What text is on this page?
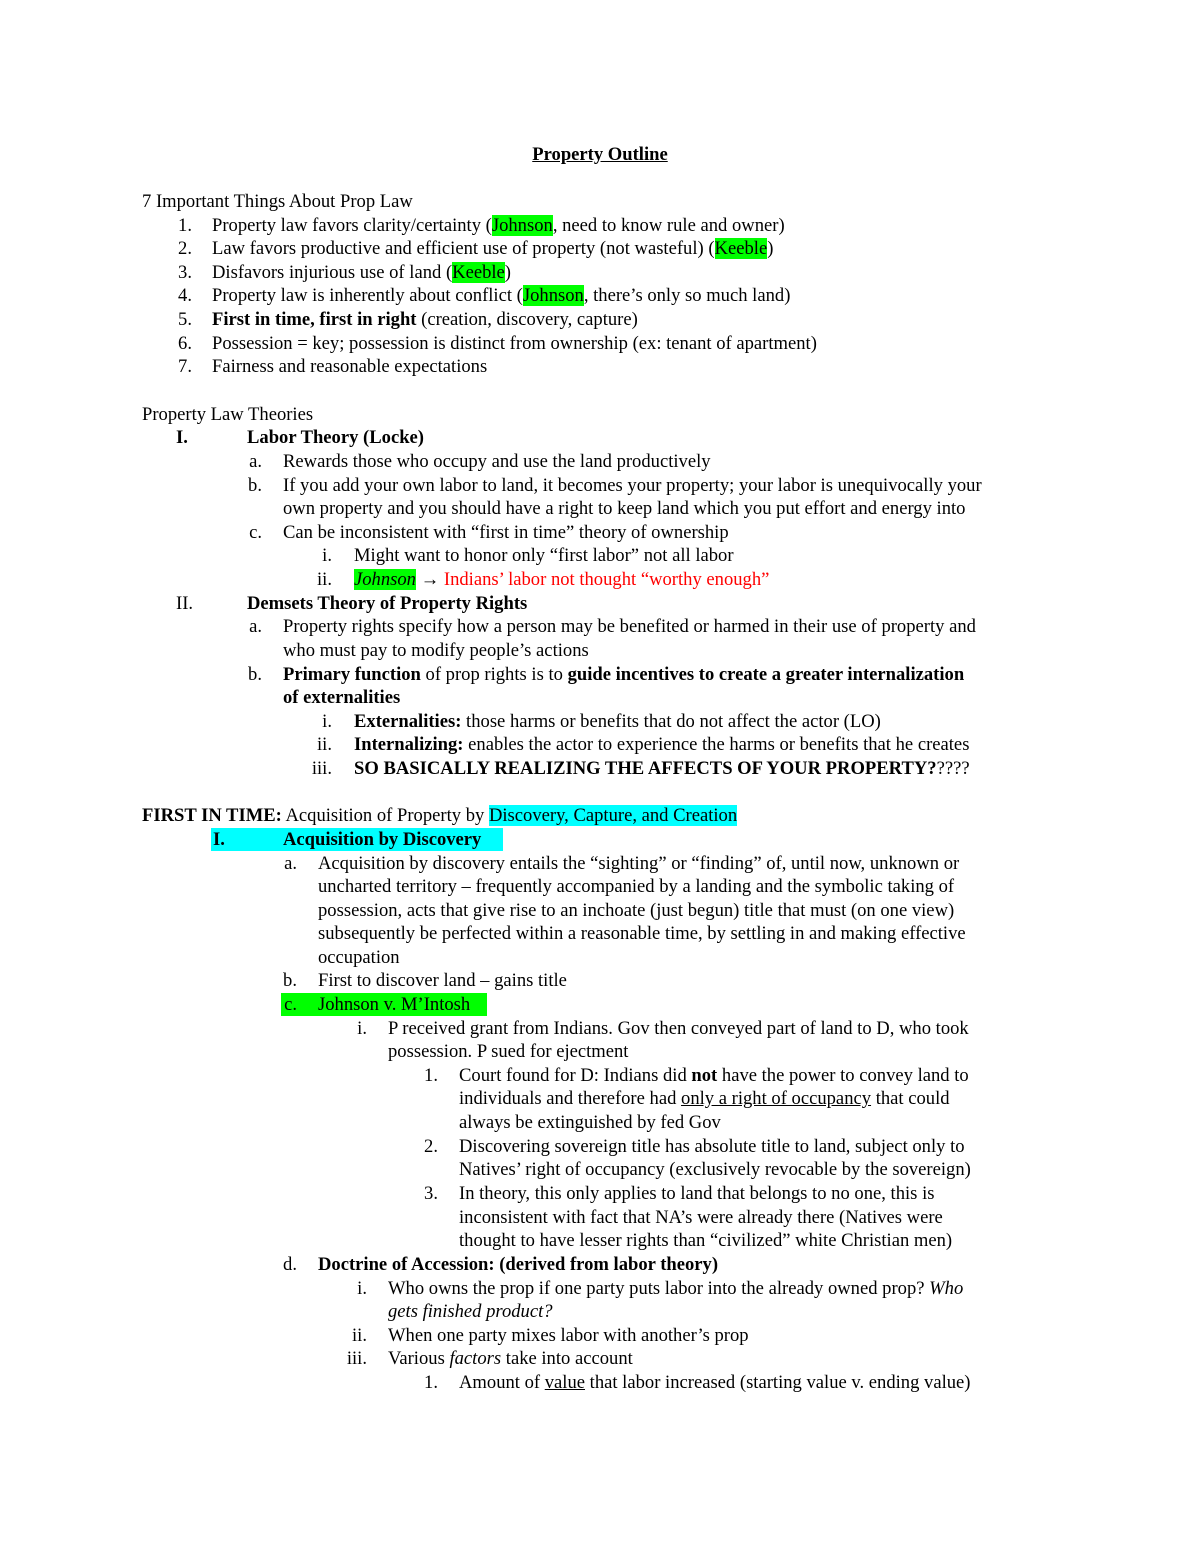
Property Outline
7 Important Things About Prop Law
1. Property law favors clarity/certainty (Johnson, need to know rule and owner)
2. Law favors productive and efficient use of property (not wasteful) (Keeble)
3. Disfavors injurious use of land (Keeble)
4. Property law is inherently about conflict (Johnson, there’s only so much land)
5. First in time, first in right (creation, discovery, capture)
6. Possession = key; possession is distinct from ownership (ex: tenant of apartment)
7. Fairness and reasonable expectations
Property Law Theories
I.	Labor Theory (Locke)
a. Rewards those who occupy and use the land productively
b. If you add your own labor to land, it becomes your property; your labor is unequivocally your
own property and you should have a right to keep land which you put effort and energy into
c. Can be inconsistent with “first in time” theory of ownership
i. Might want to honor only “first labor” not all labor
ii. Johnson → Indians’ labor not thought “worthy enough”
II.	Demsets Theory of Property Rights
a. Property rights specify how a person may be benefited or harmed in their use of property and
who must pay to modify people’s actions
b. Primary function of prop rights is to guide incentives to create a greater internalization
of externalities
i. Externalities: those harms or benefits that do not affect the actor (LO)
ii. Internalizing: enables the actor to experience the harms or benefits that he creates
iii. SO BASICALLY REALIZING THE AFFECTS OF YOUR PROPERTY?????
FIRST IN TIME: Acquisition of Property by Discovery, Capture, and Creation
I.	Acquisition by Discovery
a. Acquisition by discovery entails the “sighting” or “finding” of, until now, unknown or
uncharted territory – frequently accompanied by a landing and the symbolic taking of
possession, acts that give rise to an inchoate (just begun) title that must (on one view)
subsequently be perfected within a reasonable time, by settling in and making effective
occupation
b. First to discover land – gains title
c. Johnson v. M’Intosh
i. P received grant from Indians. Gov then conveyed part of land to D, who took
possession. P sued for ejectment
1. Court found for D: Indians did not have the power to convey land to
individuals and therefore had only a right of occupancy that could
always be extinguished by fed Gov
2. Discovering sovereign title has absolute title to land, subject only to
Natives’ right of occupancy (exclusively revocable by the sovereign)
3. In theory, this only applies to land that belongs to no one, this is
inconsistent with fact that NA’s were already there (Natives were
thought to have lesser rights than “civilized” white Christian men)
d. Doctrine of Accession: (derived from labor theory)
i. Who owns the prop if one party puts labor into the already owned prop? Who
gets finished product?
ii. When one party mixes labor with another’s prop
iii. Various factors take into account
1. Amount of value that labor increased (starting value v. ending value)
